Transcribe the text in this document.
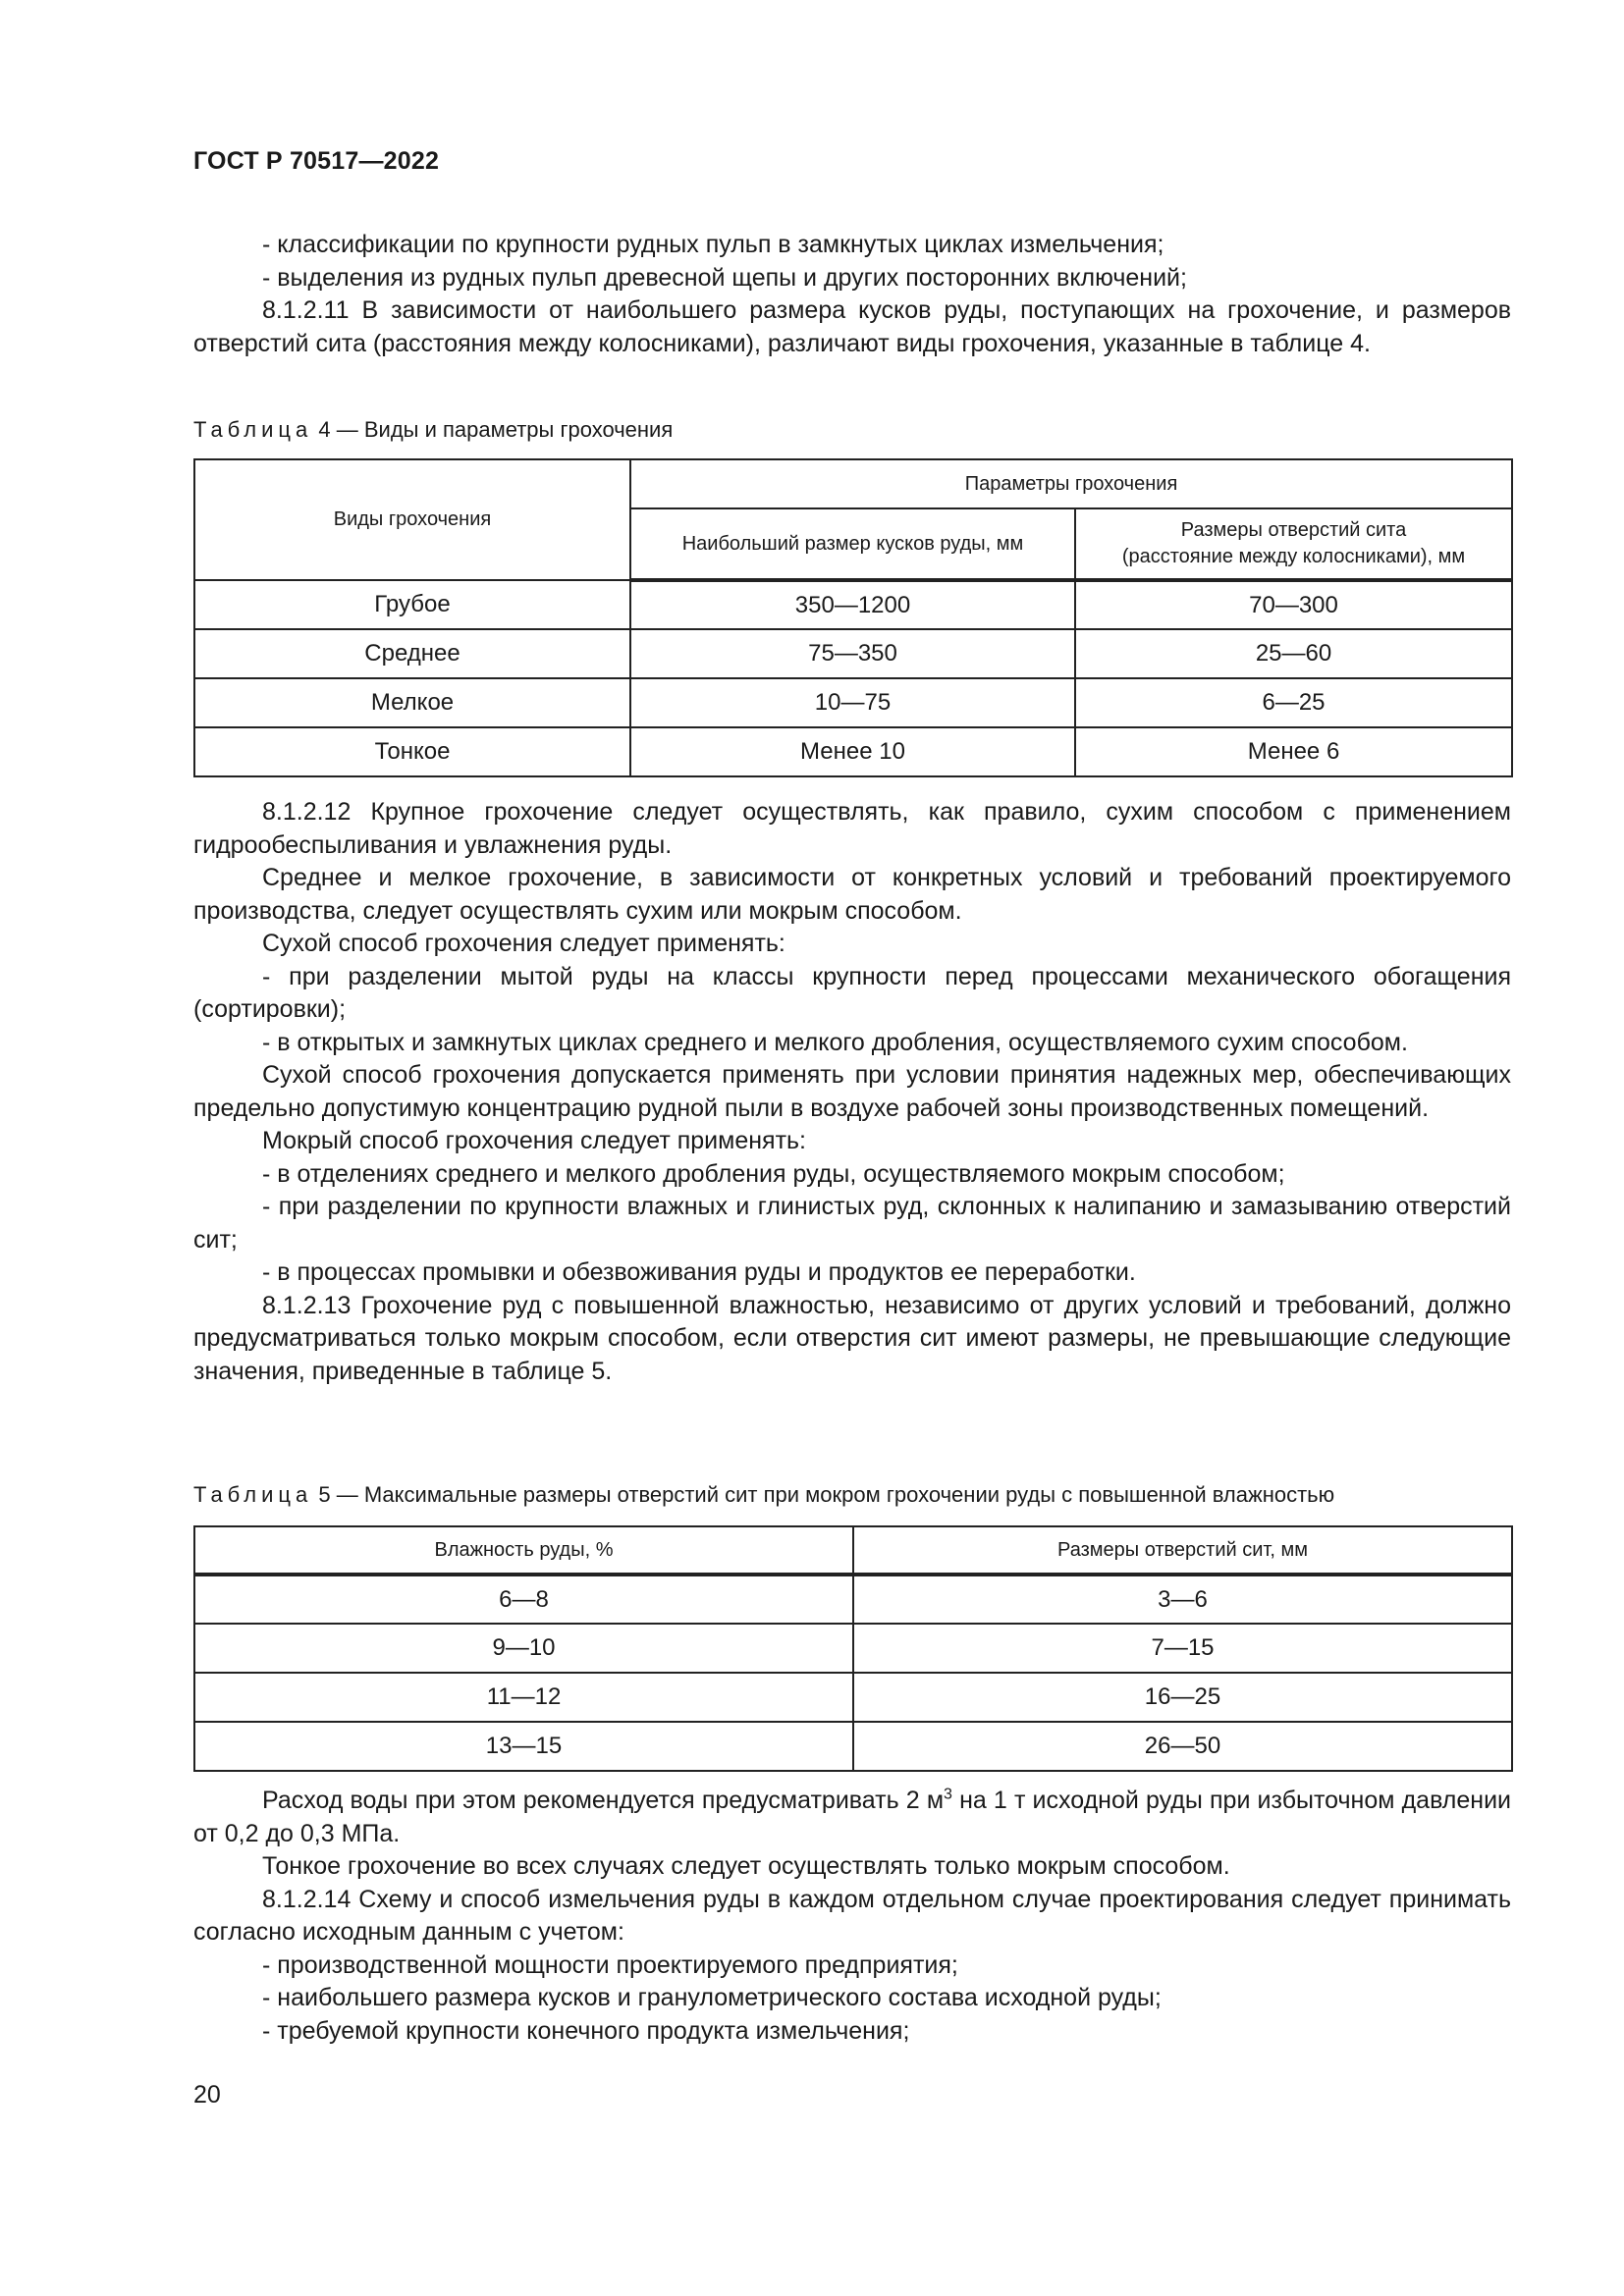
ГОСТ Р 70517—2022

- классификации по крупности рудных пульп в замкнутых циклах измельчения;

- выделения из рудных пульп древесной щепы и других посторонних включений;

8.1.2.11 В зависимости от наибольшего размера кусков руды, поступающих на грохочение, и размеров отверстий сита (расстояния между колосниками), различают виды грохочения, указанные в таблице 4.

Таблица 4 — Виды и параметры грохочения

Виды грохочения	Параметры грохочения	
	Наибольший размер кусков руды, мм	Размеры отверстий сита
(расстояние между колосниками), мм
Грубое	350—1200	70—300
Среднее	75—350	25—60
Мелкое	10—75	6—25
Тонкое	Менее 10	Менее 6

8.1.2.12 Крупное грохочение следует осуществлять, как правило, сухим способом с применением гидрообеспыливания и увлажнения руды.

Среднее и мелкое грохочение, в зависимости от конкретных условий и требований проектируемого производства, следует осуществлять сухим или мокрым способом.

Сухой способ грохочения следует применять:

- при разделении мытой руды на классы крупности перед процессами механического обогащения (сортировки);

- в открытых и замкнутых циклах среднего и мелкого дробления, осуществляемого сухим способом.

Сухой способ грохочения допускается применять при условии принятия надежных мер, обеспечивающих предельно допустимую концентрацию рудной пыли в воздухе рабочей зоны производственных помещений.

Мокрый способ грохочения следует применять:

- в отделениях среднего и мелкого дробления руды, осуществляемого мокрым способом;

- при разделении по крупности влажных и глинистых руд, склонных к налипанию и замазыванию отверстий сит;

- в процессах промывки и обезвоживания руды и продуктов ее переработки.

8.1.2.13 Грохочение руд с повышенной влажностью, независимо от других условий и требований, должно предусматриваться только мокрым способом, если отверстия сит имеют размеры, не превышающие следующие значения, приведенные в таблице 5.

Таблица 5 — Максимальные размеры отверстий сит при мокром грохочении руды с повышенной влажностью

Влажность руды, %	Размеры отверстий сит, мм
6—8	3—6
9—10	7—15
11—12	16—25
13—15	26—50

Расход воды при этом рекомендуется предусматривать 2 $м^3$ на 1 т исходной руды при избыточном давлении от 0,2 до 0,3 МПа.

Тонкое грохочение во всех случаях следует осуществлять только мокрым способом.

8.1.2.14 Схему и способ измельчения руды в каждом отдельном случае проектирования следует принимать согласно исходным данным с учетом:

- производственной мощности проектируемого предприятия;

- наибольшего размера кусков и гранулометрического состава исходной руды;

- требуемой крупности конечного продукта измельчения;

20
